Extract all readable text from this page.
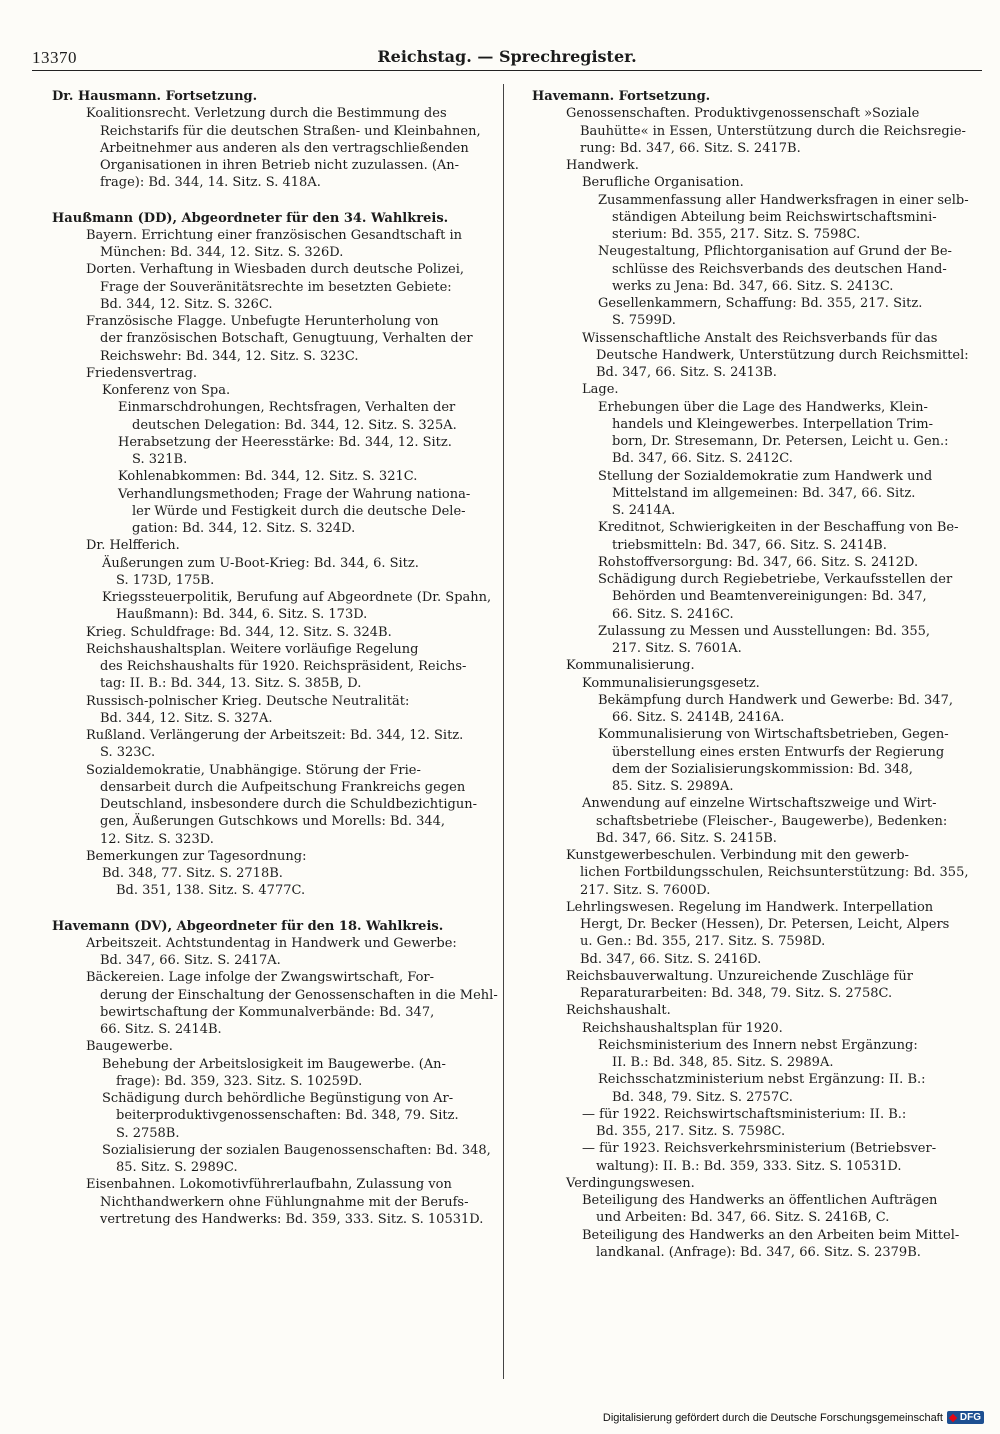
13370	Reichstag. — Sprechregister.
Dr. Hausmann. Fortsetzung.
Koalitionsrecht. Verletzung durch die Bestimmung des
Reichstarifs für die deutschen Straßen- und Kleinbahnen,
Arbeitnehmer aus anderen als den vertragschließenden
Organisationen in ihren Betrieb nicht zuzulassen. (An-
frage): Bd. 344, 14. Sitz. S. 418A.
Haußmann (DD), Abgeordneter für den 34. Wahlkreis.
Bayern. Errichtung einer französischen Gesandtschaft in
München: Bd. 344, 12. Sitz. S. 326D.
Dorten. Verhaftung in Wiesbaden durch deutsche Polizei,
Frage der Souveränitätsrechte im besetzten Gebiete:
Bd. 344, 12. Sitz. S. 326C.
Französische Flagge. Unbefugte Herunterholung von
der französischen Botschaft, Genugtuung, Verhalten der
Reichswehr: Bd. 344, 12. Sitz. S. 323C.
Friedensvertrag.
Konferenz von Spa.
Einmarschdrohungen, Rechtsfragen, Verhalten der
deutschen Delegation: Bd. 344, 12. Sitz. S. 325A.
Herabsetzung der Heeresstärke: Bd. 344, 12. Sitz.
S. 321B.
Kohlenabkommen: Bd. 344, 12. Sitz. S. 321C.
Verhandlungsmethoden; Frage der Wahrung nationa-
ler Würde und Festigkeit durch die deutsche Dele-
gation: Bd. 344, 12. Sitz. S. 324D.
Dr. Helfferich.
Äußerungen zum U-Boot-Krieg: Bd. 344, 6. Sitz.
S. 173D, 175B.
Kriegssteuerpolitik, Berufung auf Abgeordnete (Dr. Spahn,
Haußmann): Bd. 344, 6. Sitz. S. 173D.
Krieg. Schuldfrage: Bd. 344, 12. Sitz. S. 324B.
Reichshaushaltsplan. Weitere vorläufige Regelung
des Reichshaushalts für 1920. Reichspräsident, Reichs-
tag: II. B.: Bd. 344, 13. Sitz. S. 385B, D.
Russisch-polnischer Krieg. Deutsche Neutralität:
Bd. 344, 12. Sitz. S. 327A.
Rußland. Verlängerung der Arbeitszeit: Bd. 344, 12. Sitz.
S. 323C.
Sozialdemokratie, Unabhängige. Störung der Frie-
densarbeit durch die Aufpeitschung Frankreichs gegen
Deutschland, insbesondere durch die Schuldbezichtigun-
gen, Äußerungen Gutschkows und Morells: Bd. 344,
12. Sitz. S. 323D.
Bemerkungen zur Tagesordnung:
Bd. 348, 77. Sitz. S. 2718B.
Bd. 351, 138. Sitz. S. 4777C.
Havemann (DV), Abgeordneter für den 18. Wahlkreis.
Arbeitszeit. Achtstundentag in Handwerk und Gewerbe:
Bd. 347, 66. Sitz. S. 2417A.
Bäckereien. Lage infolge der Zwangswirtschaft, For-
derung der Einschaltung der Genossenschaften in die Mehl-
bewirtschaftung der Kommunalverbände: Bd. 347,
66. Sitz. S. 2414B.
Baugewerbe.
Behebung der Arbeitslosigkeit im Baugewerbe. (An-
frage): Bd. 359, 323. Sitz. S. 10259D.
Schädigung durch behördliche Begünstigung von Ar-
beiterproduktivgenossenschaften: Bd. 348, 79. Sitz.
S. 2758B.
Sozialisierung der sozialen Baugenossenschaften: Bd. 348,
85. Sitz. S. 2989C.
Eisenbahnen. Lokomotivführerlaufbahn, Zulassung von
Nichthandwerkern ohne Fühlungnahme mit der Berufs-
vertretung des Handwerks: Bd. 359, 333. Sitz. S. 10531D.
Havemann. Fortsetzung.
Genossenschaften. Produktivgenossenschaft »Soziale
Bauhütte« in Essen, Unterstützung durch die Reichsregie-
rung: Bd. 347, 66. Sitz. S. 2417B.
Handwerk.
Berufliche Organisation.
Zusammenfassung aller Handwerksfragen in einer selb-
ständigen Abteilung beim Reichswirtschaftsmini-
sterium: Bd. 355, 217. Sitz. S. 7598C.
Neugestaltung, Pflichtorganisation auf Grund der Be-
schlüsse des Reichsverbands des deutschen Hand-
werks zu Jena: Bd. 347, 66. Sitz. S. 2413C.
Gesellenkammern, Schaffung: Bd. 355, 217. Sitz.
S. 7599D.
Wissenschaftliche Anstalt des Reichsverbands für das
Deutsche Handwerk, Unterstützung durch Reichsmittel:
Bd. 347, 66. Sitz. S. 2413B.
Lage.
Erhebungen über die Lage des Handwerks, Klein-
handels und Kleingewerbes. Interpellation Trim-
born, Dr. Stresemann, Dr. Petersen, Leicht u. Gen.:
Bd. 347, 66. Sitz. S. 2412C.
Stellung der Sozialdemokratie zum Handwerk und
Mittelstand im allgemeinen: Bd. 347, 66. Sitz.
S. 2414A.
Kreditnot, Schwierigkeiten in der Beschaffung von Be-
triebsmitteln: Bd. 347, 66. Sitz. S. 2414B.
Rohstoffversorgung: Bd. 347, 66. Sitz. S. 2412D.
Schädigung durch Regiebetriebe, Verkaufsstellen der
Behörden und Beamtenvereinigungen: Bd. 347,
66. Sitz. S. 2416C.
Zulassung zu Messen und Ausstellungen: Bd. 355,
217. Sitz. S. 7601A.
Kommunalisierung.
Kommunalisierungsgesetz.
Bekämpfung durch Handwerk und Gewerbe: Bd. 347,
66. Sitz. S. 2414B, 2416A.
Kommunalisierung von Wirtschaftsbetrieben, Gegen-
überstellung eines ersten Entwurfs der Regierung
dem der Sozialisierungskommission: Bd. 348,
85. Sitz. S. 2989A.
Anwendung auf einzelne Wirtschaftszweige und Wirt-
schaftsbetriebe (Fleischer-, Baugewerbe), Bedenken:
Bd. 347, 66. Sitz. S. 2415B.
Kunstgewerbeschulen. Verbindung mit den gewerb-
lichen Fortbildungsschulen, Reichsunterstützung: Bd. 355,
217. Sitz. S. 7600D.
Lehrlingswesen. Regelung im Handwerk. Interpellation
Hergt, Dr. Becker (Hessen), Dr. Petersen, Leicht, Alpers
u. Gen.: Bd. 355, 217. Sitz. S. 7598D.
Bd. 347, 66. Sitz. S. 2416D.
Reichsbauverwaltung. Unzureichende Zuschläge für
Reparaturarbeiten: Bd. 348, 79. Sitz. S. 2758C.
Reichshaushalt.
Reichshaushaltsplan für 1920.
Reichsministerium des Innern nebst Ergänzung:
II. B.: Bd. 348, 85. Sitz. S. 2989A.
Reichsschatzministerium nebst Ergänzung: II. B.:
Bd. 348, 79. Sitz. S. 2757C.
— für 1922. Reichswirtschaftsministerium: II. B.:
Bd. 355, 217. Sitz. S. 7598C.
— für 1923. Reichsverkehrsministerium (Betriebsver-
waltung): II. B.: Bd. 359, 333. Sitz. S. 10531D.
Verdingungswesen.
Beteiligung des Handwerks an öffentlichen Aufträgen
und Arbeiten: Bd. 347, 66. Sitz. S. 2416B, C.
Beteiligung des Handwerks an den Arbeiten beim Mittel-
landkanal. (Anfrage): Bd. 347, 66. Sitz. S. 2379B.
Digitalisierung gefördert durch die Deutsche Forschungsgemeinschaft DFG
